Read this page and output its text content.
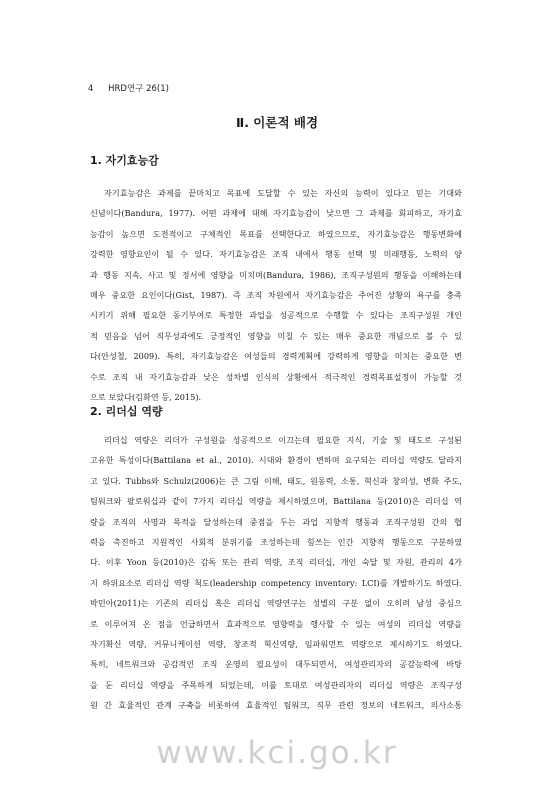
4 HRD연구 26(1)
Ⅱ. 이론적 배경
1. 자기효능감
자기효능감은 과제를 끝마치고 목표에 도달할 수 있는 자신의 능력이 있다고 믿는 기대와
신념이다(Bandura, 1977). 어떤 과제에 대해 자기효능감이 낮으면 그 과제를 회피하고, 자기효
능감이 높으면 도전적이고 구체적인 목표를 선택한다고 하였으므로, 자기효능감은 행동변화에
강력한 영향요인이 될 수 있다. 자기효능감은 조직 내에서 행동 선택 및 미래행동, 노력의 양
과 행동 지속, 사고 및 정서에 영향을 미치며(Bandura, 1986), 조직구성원의 행동을 이해하는데
매우 중요한 요인이다(Gist, 1987). 즉 조직 차원에서 자기효능감은 주어진 상황의 욕구를 충족
시키기 위해 필요한 동기부여로 특정한 과업을 성공적으로 수행할 수 있다는 조직구성원 개인
적 믿음을 넘어 직무성과에도 긍정적인 영향을 미칠 수 있는 매우 중요한 개념으로 볼 수 있
다(안성철, 2009). 특히, 자기효능감은 여성들의 경력계획에 강력하게 영향을 미치는 중요한 변
수로 조직 내 자기효능감과 낮은 성차별 인식의 상황에서 적극적인 경력목표설정이 가능할 것
으로 보았다(김화연 등, 2015).
2. 리더십 역량
리더십 역량은 리더가 구성원을 성공적으로 이끄는데 필요한 지식, 기술 및 태도로 구성된
고유한 특성이다(Battilana et al., 2010). 시대와 환경이 변하며 요구되는 리더십 역량도 달라지
고 있다. Tubbs와 Schulz(2006)는 큰 그림 이해, 태도, 원동력, 소통, 혁신과 창의성, 변화 주도,
팀워크와 팔로워십과 같이 7가지 리더십 역량을 제시하였으며, Battilana 등(2010)은 리더십 역
량을 조직의 사명과 목적을 달성하는데 중점을 두는 과업 지향적 행동과 조직구성원 간의 협
력을 촉진하고 지원적인 사회적 분위기를 조성하는데 힘쓰는 인간 지향적 행동으로 구분하였
다. 이후 Yoon 등(2010)은 감독 또는 관리 역량, 조직 리더십, 개인 숙달 및 자원, 관리의 4가
지 하위요소로 리더십 역량 척도(leadership competency inventory: LCI)를 개발하기도 하였다.
박민아(2011)는 기존의 리더십 혹은 리더십 역량연구는 성별의 구분 없이 오히려 남성 중심으
로 이루어져 온 점을 언급하면서 효과적으로 영향력을 행사할 수 있는 여성의 리더십 역량을
자기확신 역량, 커뮤니케이션 역량, 창조적 혁신역량, 임파워먼트 역량으로 제시하기도 하였다.
특히, 네트워크와 공감적인 조직 운영의 필요성이 대두되면서, 여성관리자의 공감능력에 바탕
을 둔 리더십 역량을 주목하게 되었는데, 이를 토대로 여성관리자의 리더십 역량은 조직구성
원 간 효율적인 관계 구축을 비롯하여 효율적인 팀워크, 직무 관련 정보의 네트워크, 의사소통
www.kci.go.kr
